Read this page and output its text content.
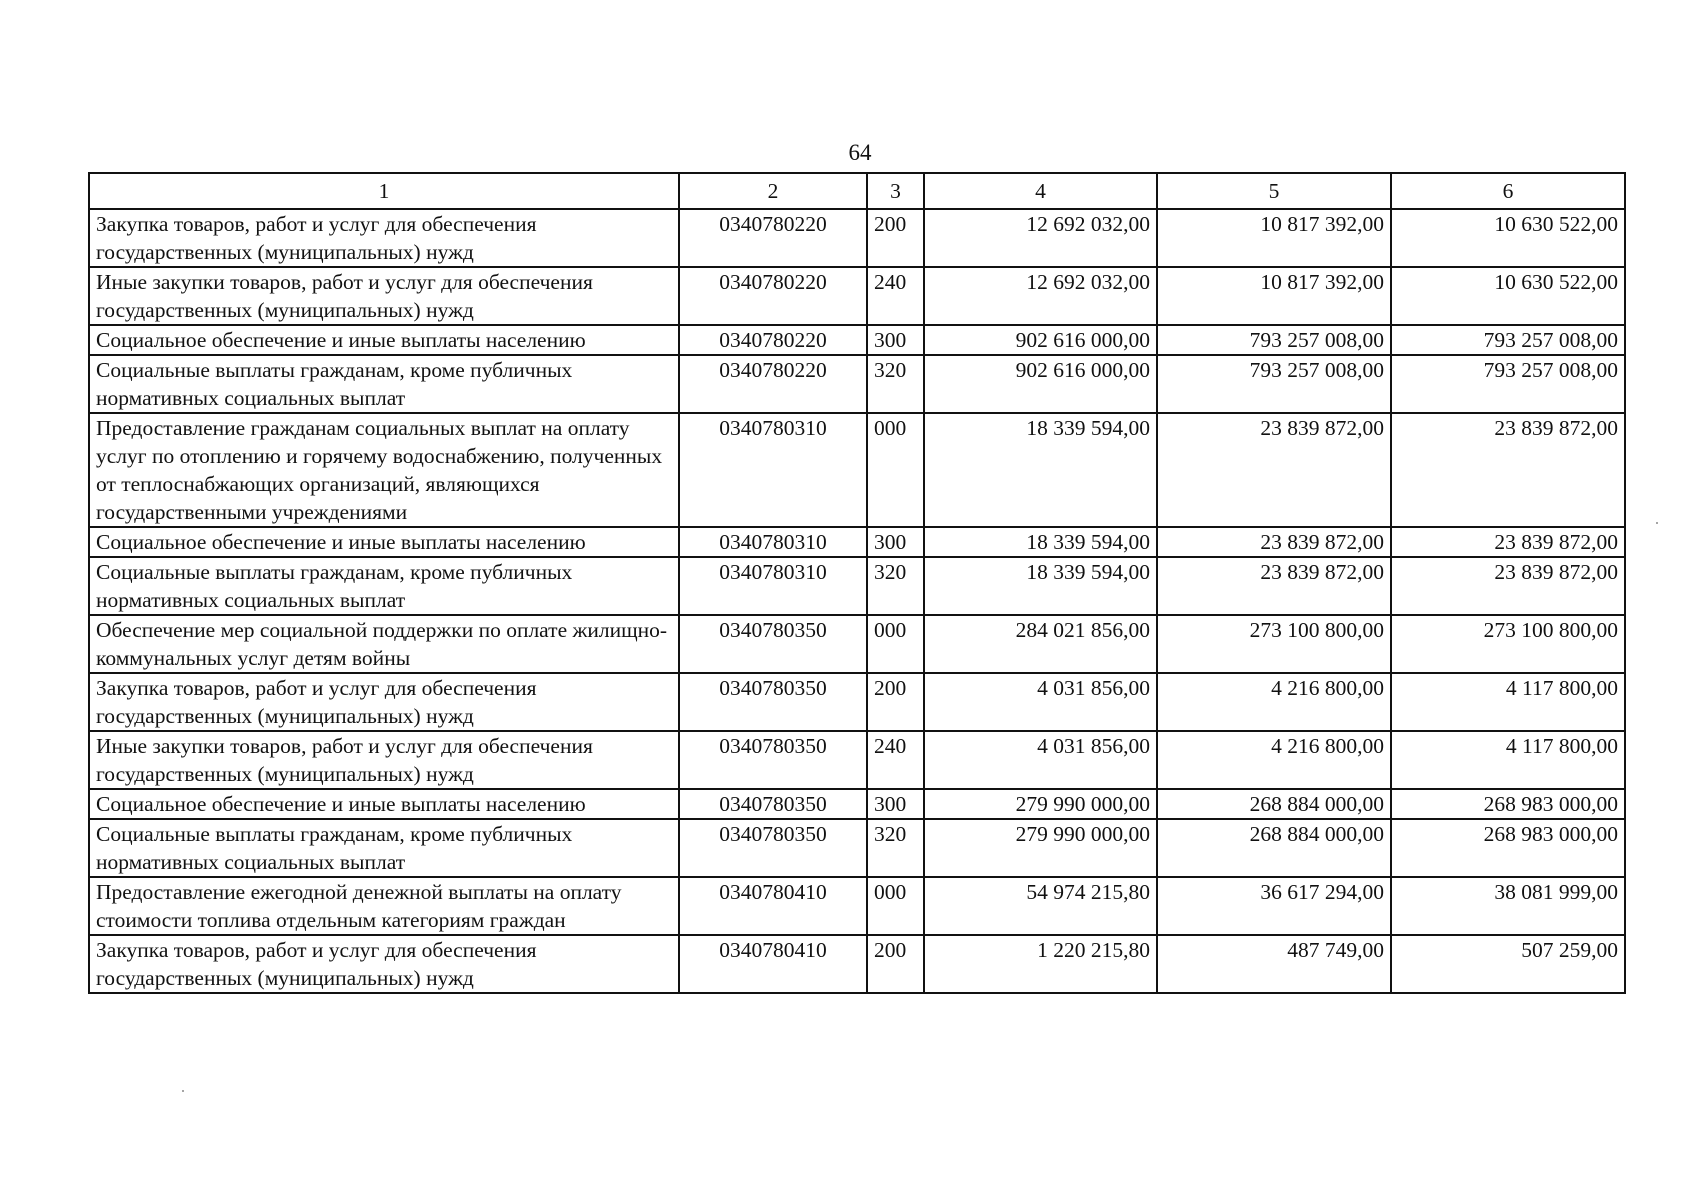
64
1	2	3	4	5	6
Закупка товаров, работ и услуг для обеспечения государственных (муниципальных) нужд	0340780220	200	12 692 032,00	10 817 392,00	10 630 522,00
Иные закупки товаров, работ и услуг для обеспечения государственных (муниципальных) нужд	0340780220	240	12 692 032,00	10 817 392,00	10 630 522,00
Социальное обеспечение и иные выплаты населению	0340780220	300	902 616 000,00	793 257 008,00	793 257 008,00
Социальные выплаты гражданам, кроме публичных нормативных социальных выплат	0340780220	320	902 616 000,00	793 257 008,00	793 257 008,00
Предоставление гражданам социальных выплат на оплату услуг по отоплению и горячему водоснабжению, полученных от теплоснабжающих организаций, являющихся государственными учреждениями	0340780310	000	18 339 594,00	23 839 872,00	23 839 872,00
Социальное обеспечение и иные выплаты населению	0340780310	300	18 339 594,00	23 839 872,00	23 839 872,00
Социальные выплаты гражданам, кроме публичных нормативных социальных выплат	0340780310	320	18 339 594,00	23 839 872,00	23 839 872,00
Обеспечение мер социальной поддержки по оплате жилищно-коммунальных услуг детям войны	0340780350	000	284 021 856,00	273 100 800,00	273 100 800,00
Закупка товаров, работ и услуг для обеспечения государственных (муниципальных) нужд	0340780350	200	4 031 856,00	4 216 800,00	4 117 800,00
Иные закупки товаров, работ и услуг для обеспечения государственных (муниципальных) нужд	0340780350	240	4 031 856,00	4 216 800,00	4 117 800,00
Социальное обеспечение и иные выплаты населению	0340780350	300	279 990 000,00	268 884 000,00	268 983 000,00
Социальные выплаты гражданам, кроме публичных нормативных социальных выплат	0340780350	320	279 990 000,00	268 884 000,00	268 983 000,00
Предоставление ежегодной денежной выплаты на оплату стоимости топлива отдельным категориям граждан	0340780410	000	54 974 215,80	36 617 294,00	38 081 999,00
Закупка товаров, работ и услуг для обеспечения государственных (муниципальных) нужд	0340780410	200	1 220 215,80	487 749,00	507 259,00
